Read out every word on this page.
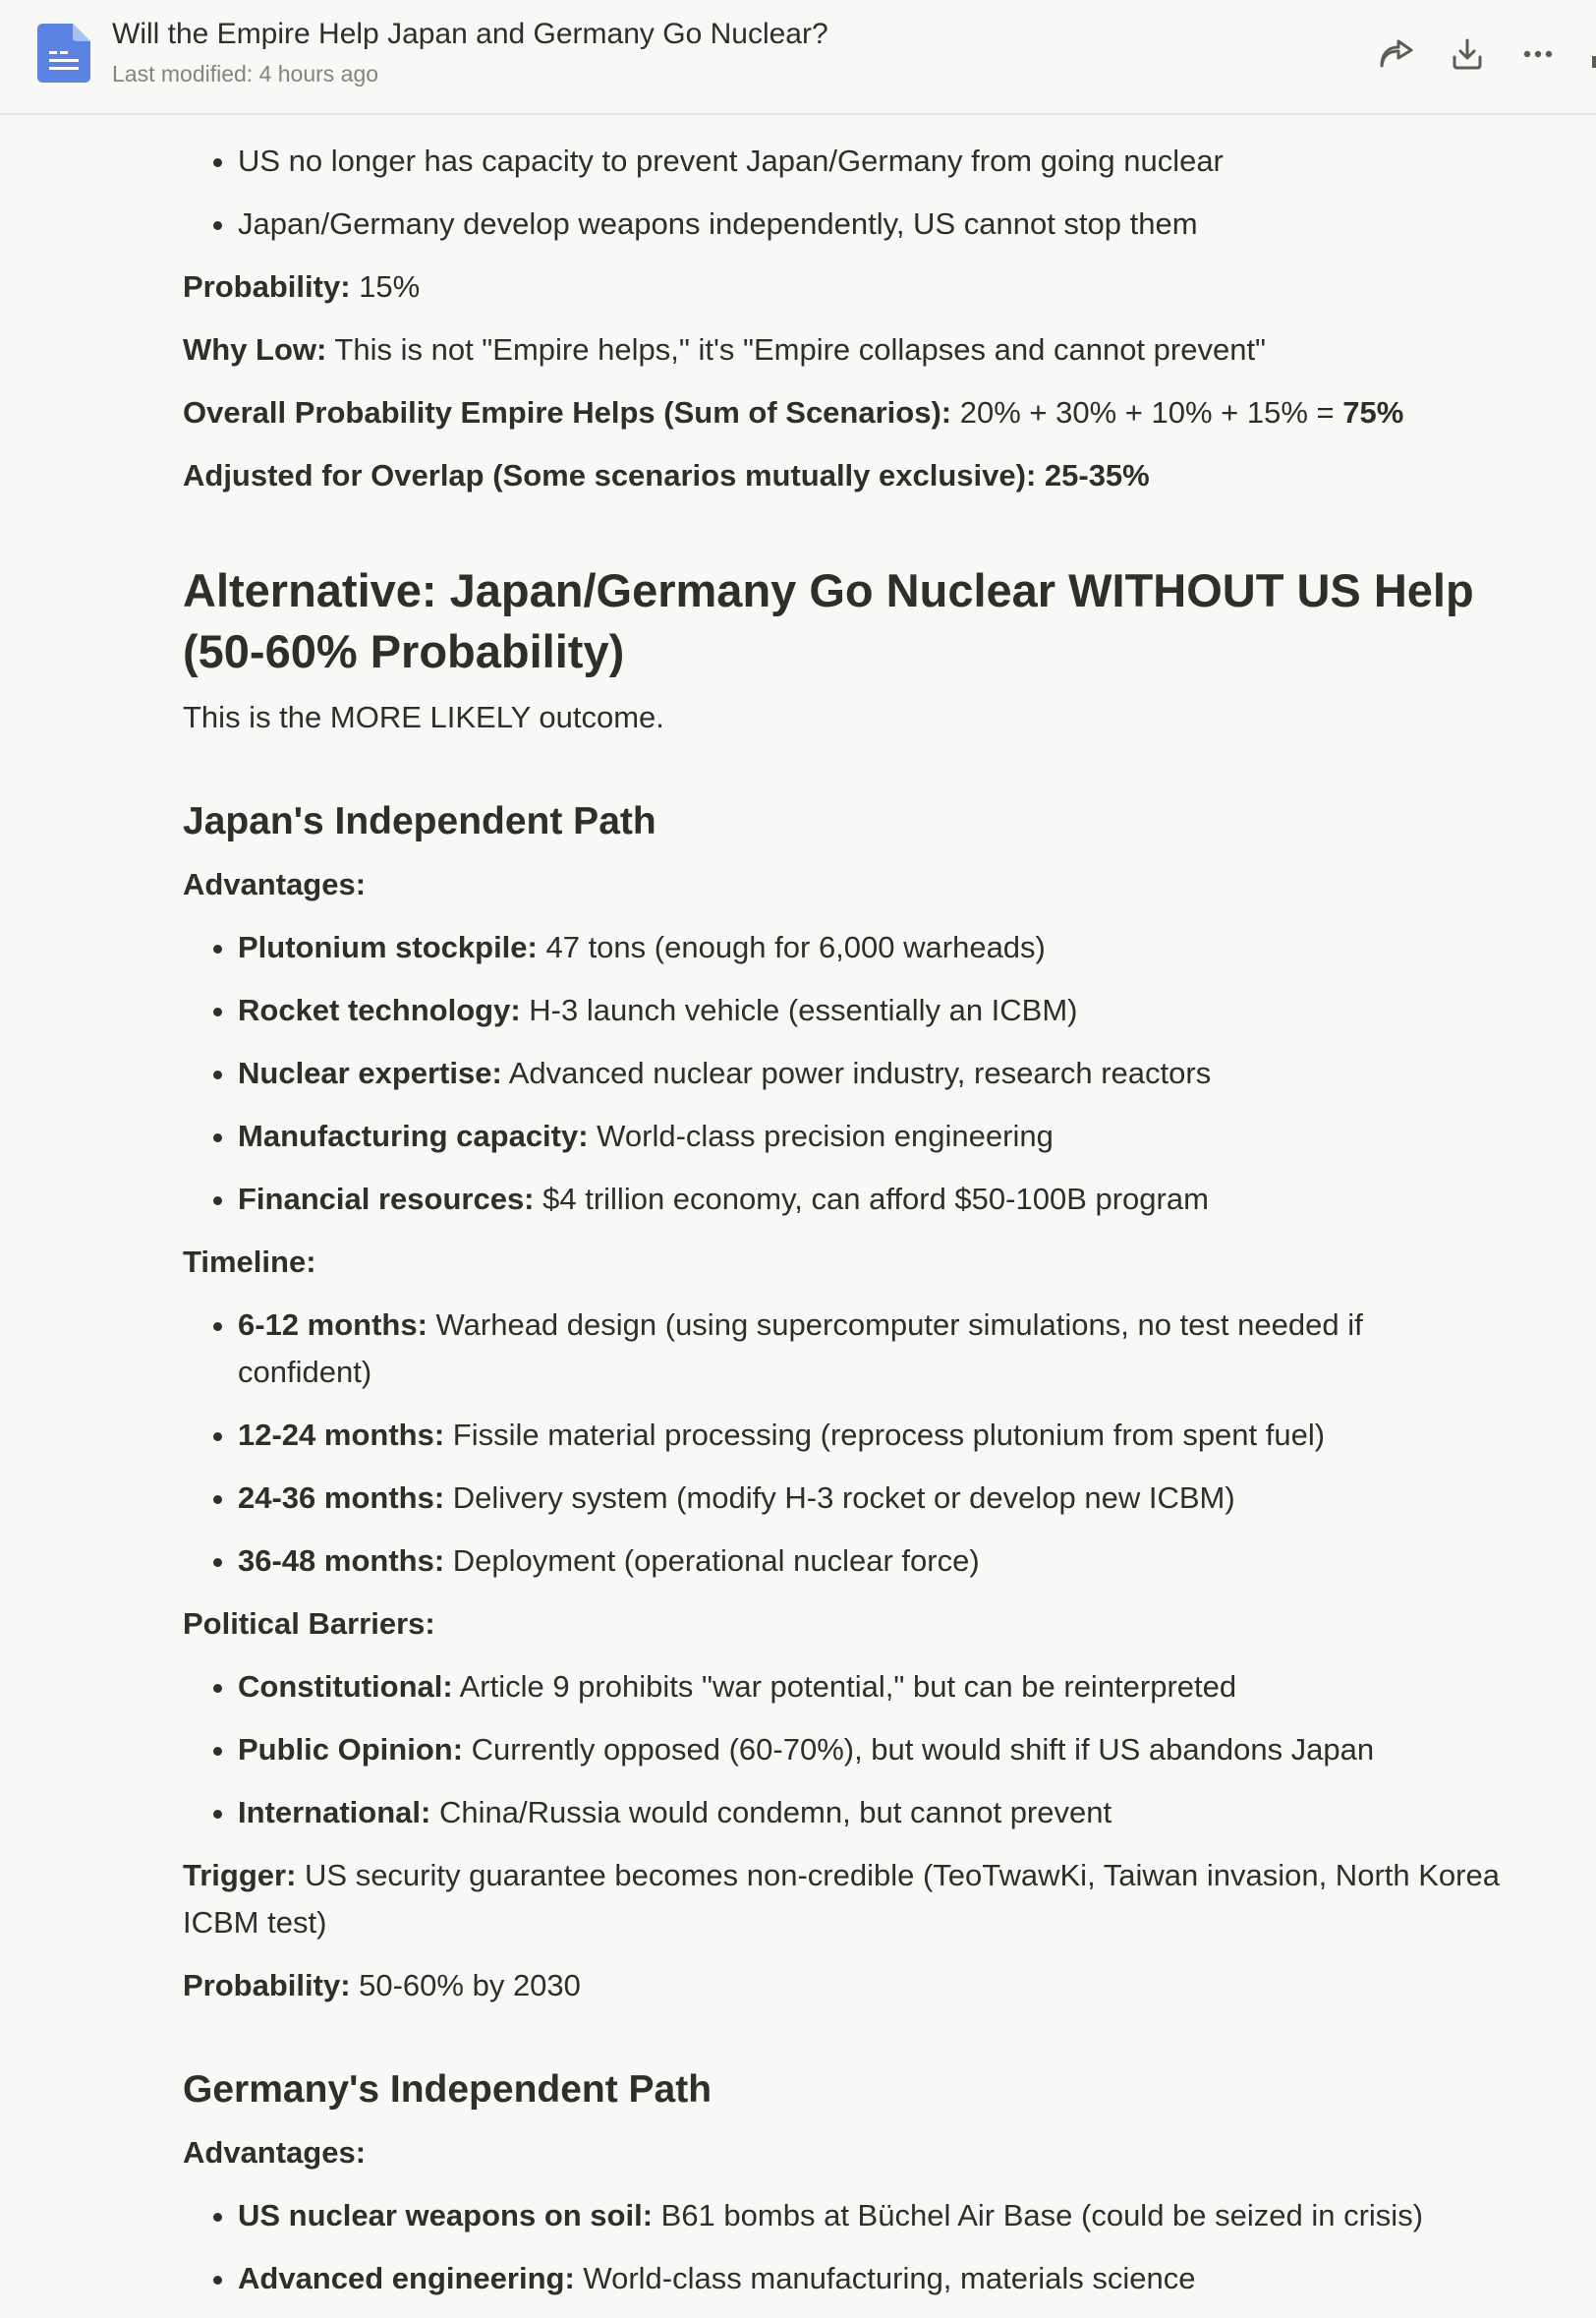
Will the Empire Help Japan and Germany Go Nuclear?
Last modified: 4 hours ago
• US no longer has capacity to prevent Japan/Germany from going nuclear
• Japan/Germany develop weapons independently, US cannot stop them

Probability: 15%

Why Low: This is not "Empire helps," it's "Empire collapses and cannot prevent"

Overall Probability Empire Helps (Sum of Scenarios): 20% + 30% + 10% + 15% = 75%

Adjusted for Overlap (Some scenarios mutually exclusive): 25-35%

Alternative: Japan/Germany Go Nuclear WITHOUT US Help (50-60% Probability)

This is the MORE LIKELY outcome.

Japan's Independent Path

Advantages:

• Plutonium stockpile: 47 tons (enough for 6,000 warheads)
• Rocket technology: H-3 launch vehicle (essentially an ICBM)
• Nuclear expertise: Advanced nuclear power industry, research reactors
• Manufacturing capacity: World-class precision engineering
• Financial resources: $4 trillion economy, can afford $50-100B program

Timeline:

• 6-12 months: Warhead design (using supercomputer simulations, no test needed if confident)
• 12-24 months: Fissile material processing (reprocess plutonium from spent fuel)
• 24-36 months: Delivery system (modify H-3 rocket or develop new ICBM)
• 36-48 months: Deployment (operational nuclear force)

Political Barriers:

• Constitutional: Article 9 prohibits "war potential," but can be reinterpreted
• Public Opinion: Currently opposed (60-70%), but would shift if US abandons Japan
• International: China/Russia would condemn, but cannot prevent

Trigger: US security guarantee becomes non-credible (TeoTwawKi, Taiwan invasion, North Korea ICBM test)

Probability: 50-60% by 2030

Germany's Independent Path

Advantages:

• US nuclear weapons on soil: B61 bombs at Büchel Air Base (could be seized in crisis)
• Advanced engineering: World-class manufacturing, materials science
